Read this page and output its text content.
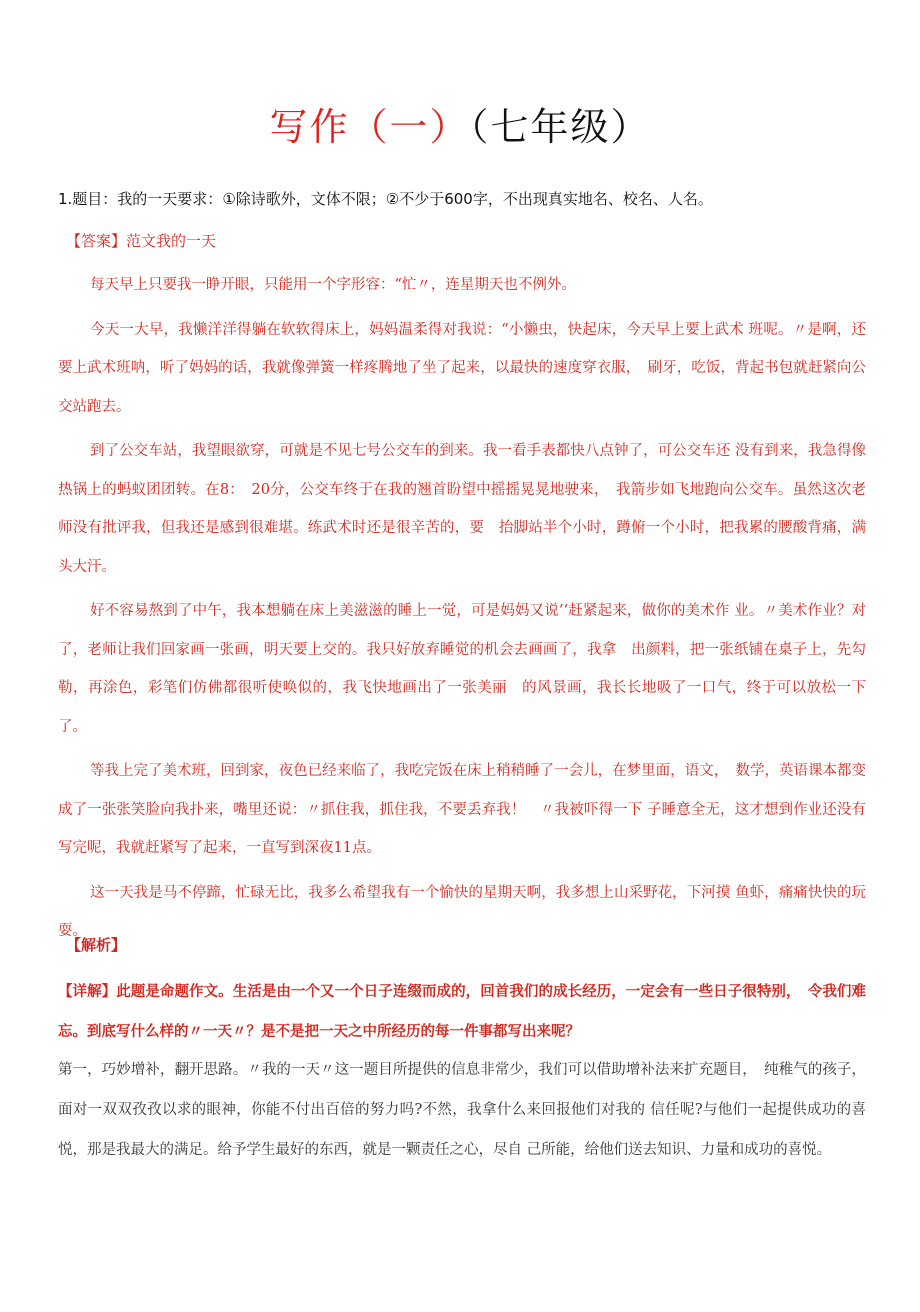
写作（一）（七年级）
1.题目：我的一天要求：①除诗歌外，文体不限；②不少于600字，不出现真实地名、校名、人名。
【答案】范文我的一天

每天早上只要我一睁开眼，只能用一个字形容：“忙〃，连星期天也不例外。

今天一大早，我懒洋洋得躺在软软得床上，妈妈温柔得对我说：“小懒虫，快起床，今天早上要上武术 班呢。〃是啊，还要上武术班呐，听了妈妈的话，我就像弹簧一样疼腾地了坐了起来，以最快的速度穿衣服，　刷牙，吃饭，背起书包就赶紧向公交站跑去。

到了公交车站，我望眼欲穿，可就是不见七号公交车的到来。我一看手表都快八点钟了，可公交车还 没有到来，我急得像热锅上的蚂蚁团团转。在8：　20分，公交车终于在我的翘首盼望中摇摇晃晃地驶来，　我箭步如飞地跑向公交车。虽然这次老师没有批评我，但我还是感到很难堪。练武术时还是很辛苦的，要　抬脚站半个小时，蹲俯一个小时，把我累的腰酸背痛，满头大汗。

好不容易熬到了中午，我本想躺在床上美滋滋的睡上一觉，可是妈妈又说’‘赶紧起来，做你的美术作 业。〃美术作业？对了，老师让我们回家画一张画，明天要上交的。我只好放弃睡觉的机会去画画了，我拿　出颜料，把一张纸铺在桌子上，先勾勒，再涂色，彩笔们仿佛都很听使唤似的，我飞快地画出了一张美丽　的风景画，我长长地吸了一口气，终于可以放松一下了。

等我上完了美术班，回到家，夜色已经来临了，我吃完饭在床上稍稍睡了一会儿，在梦里面，语文，　数学，英语课本都变成了一张张笑脸向我扑来，嘴里还说：〃抓住我，抓住我，不要丢弃我！　〃我被吓得一下 子睡意全无，这才想到作业还没有写完呢，我就赶紧写了起来，一直写到深夜11点。

这一天我是马不停蹄，忙碌无比，我多么希望我有一个愉快的星期天啊，我多想上山采野花，下河摸 鱼虾，痛痛快快的玩耍。

【解析】
【详解】此题是命题作文。生活是由一个又一个日子连缀而成的，回首我们的成长经历，一定会有一些日子很特别，　令我们难忘。到底写什么样的〃一天〃？是不是把一天之中所经历的每一件事都写出来呢？
第一，巧妙增补，翻开思路。〃我的一天〃这一题目所提供的信息非常少，我们可以借助增补法来扩充题目，　纯稚气的孩子，面对一双双孜孜以求的眼神，你能不付出百倍的努力吗?不然，我拿什么来回报他们对我的 信任呢?与他们一起提供成功的喜悦，那是我最大的满足。给予学生最好的东西，就是一颗责任之心，尽自 己所能，给他们送去知识、力量和成功的喜悦。
